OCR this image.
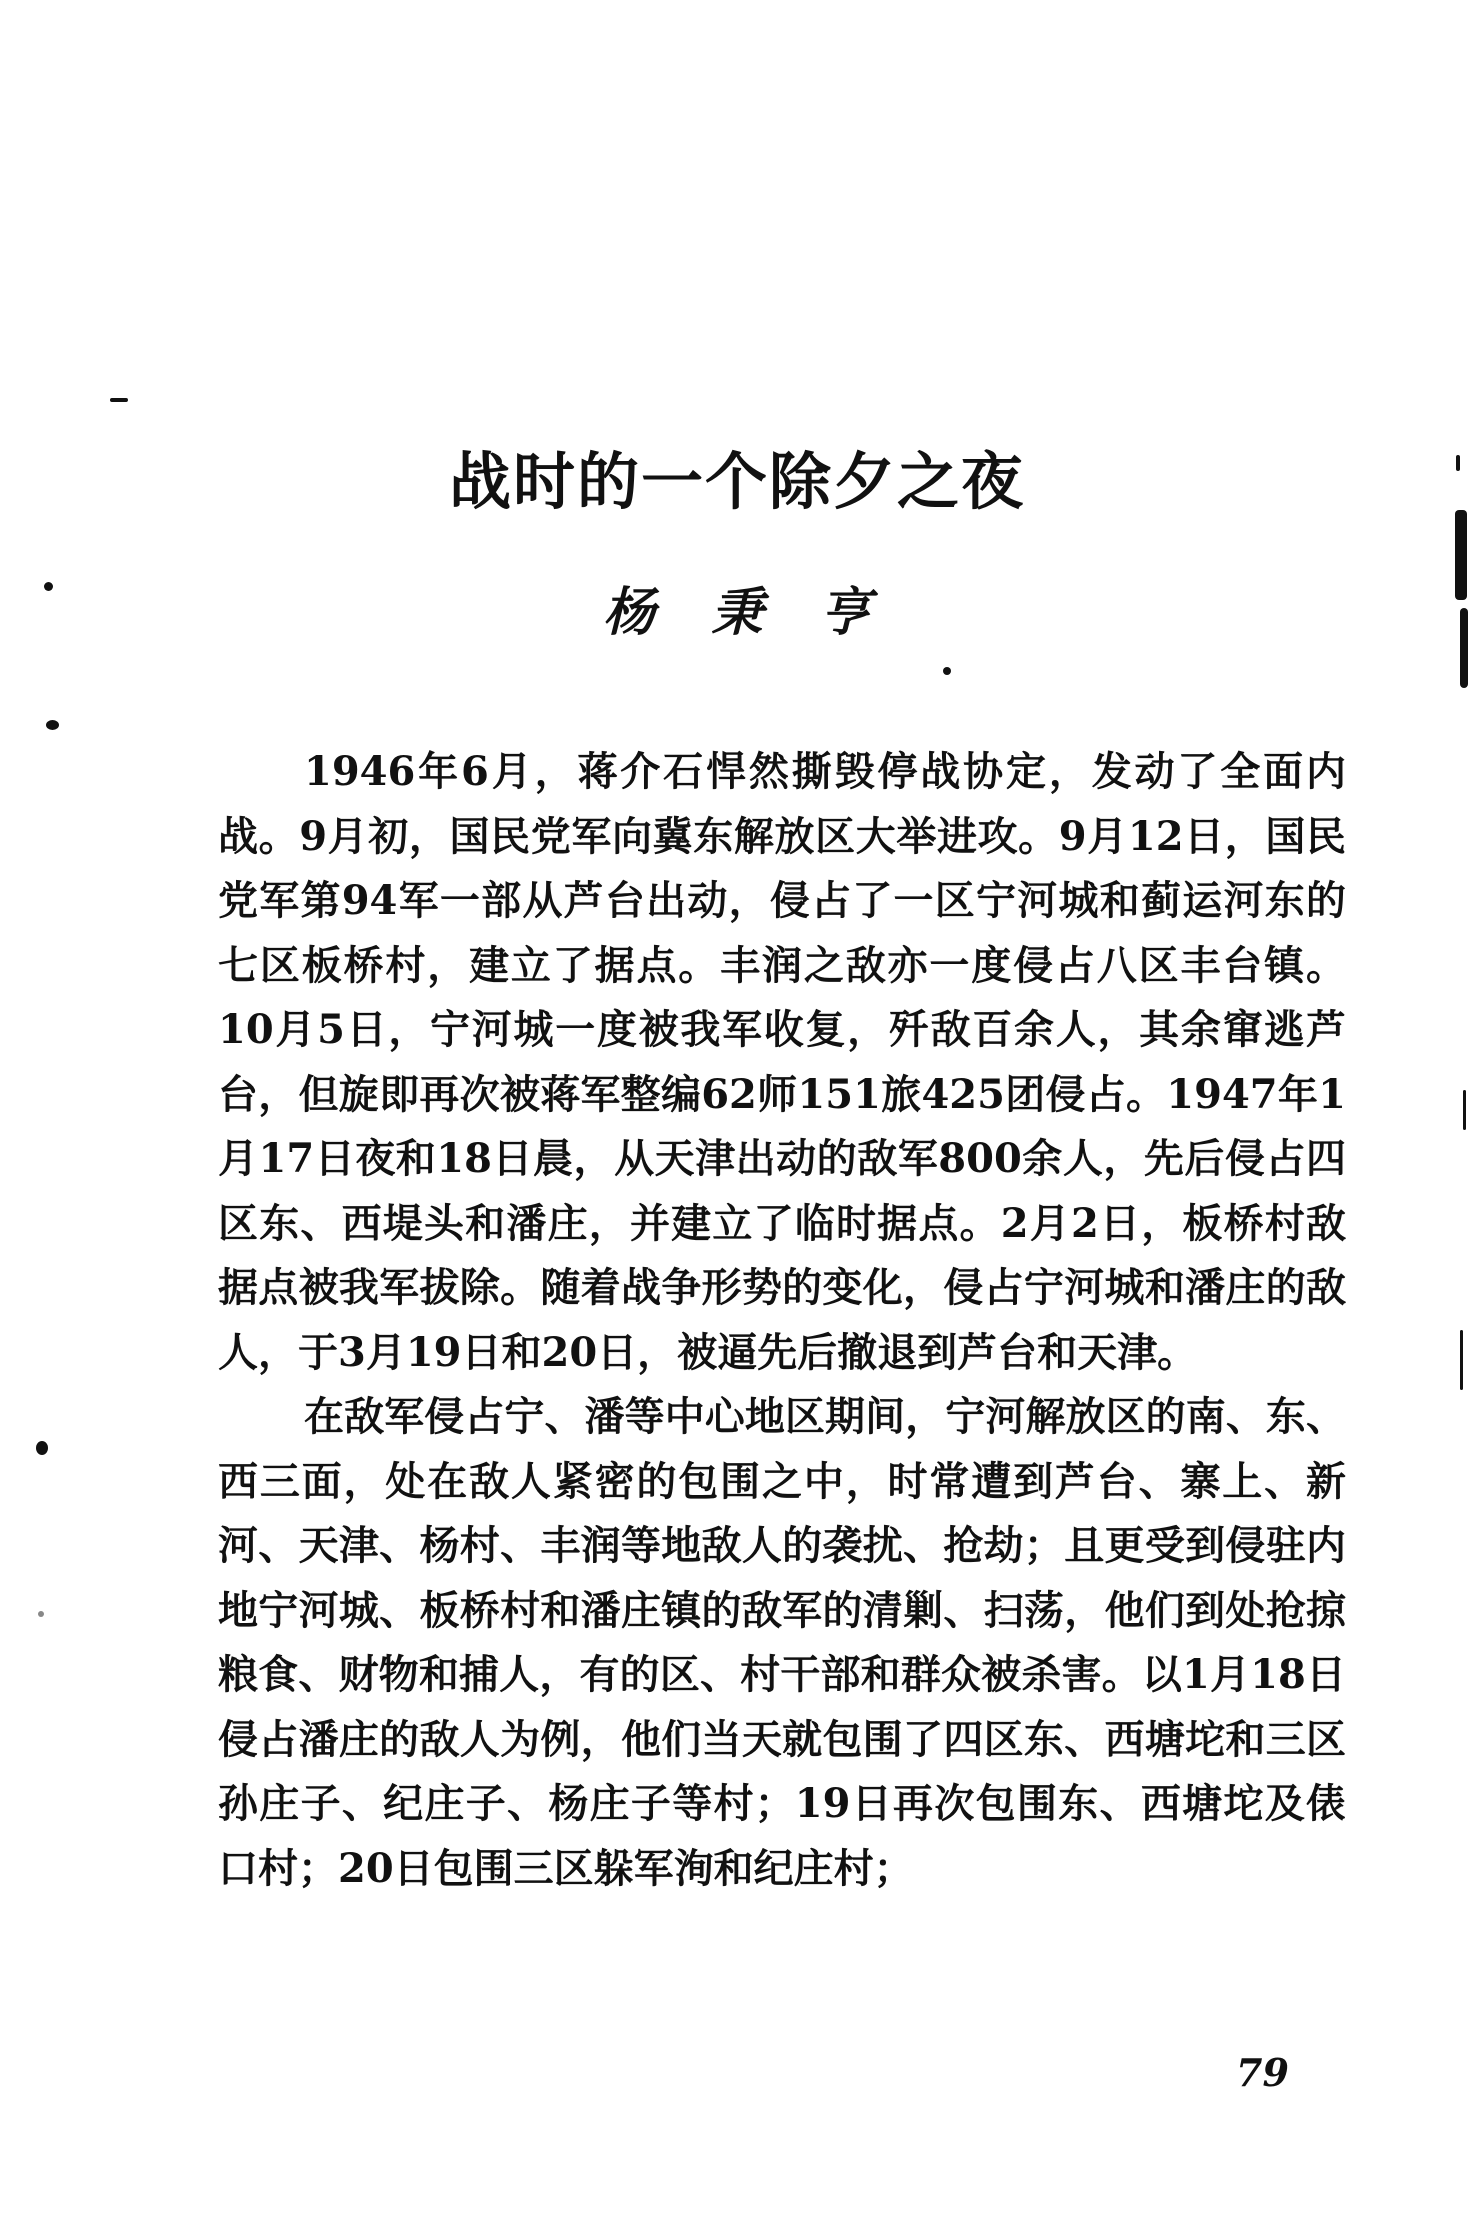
战时的一个除夕之夜
杨秉亨

1946年6月，蒋介石悍然撕毁停战协定，发动了全面内战。9月初，国民党军向冀东解放区大举进攻。9月12日，国民党军第94军一部从芦台出动，侵占了一区宁河城和蓟运河东的七区板桥村，建立了据点。丰润之敌亦一度侵占八区丰台镇。10月5日，宁河城一度被我军收复，歼敌百余人，其余窜逃芦台，但旋即再次被蒋军整编62师151旅425团侵占。1947年1月17日夜和18日晨，从天津出动的敌军800余人，先后侵占四区东、西堤头和潘庄，并建立了临时据点。2月2日，板桥村敌据点被我军拔除。随着战争形势的变化，侵占宁河城和潘庄的敌人，于3月19日和20日，被逼先后撤退到芦台和天津。

在敌军侵占宁、潘等中心地区期间，宁河解放区的南、东、西三面，处在敌人紧密的包围之中，时常遭到芦台、寨上、新河、天津、杨村、丰润等地敌人的袭扰、抢劫；且更受到侵驻内地宁河城、板桥村和潘庄镇的敌军的清剿、扫荡，他们到处抢掠粮食、财物和捕人，有的区、村干部和群众被杀害。以1月18日侵占潘庄的敌人为例，他们当天就包围了四区东、西塘坨和三区孙庄子、纪庄子、杨庄子等村；19日再次包围东、西塘坨及俵口村；20日包围三区躲军洵和纪庄村；

79
